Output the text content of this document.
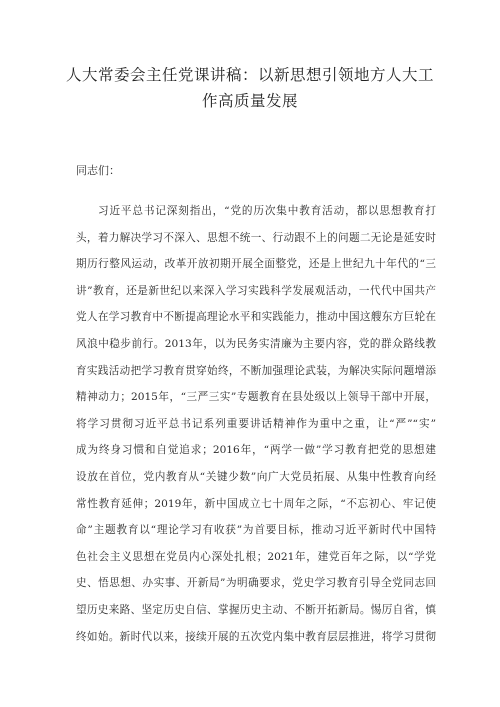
人大常委会主任党课讲稿：以新思想引领地方人大工
作高质量发展
同志们：
习近平总书记深刻指出，“党的历次集中教育活动，都以思想教育打
头，着力解决学习不深入、思想不统一、行动跟不上的问题二无论是延安时
期历行整风运动，改革开放初期开展全面整党，还是上世纪九十年代的“三
讲”教育，还是新世纪以来深入学习实践科学发展观活动，一代代中国共产
党人在学习教育中不断提高理论水平和实践能力，推动中国这艘东方巨轮在
风浪中稳步前行。2013年，以为民务实清廉为主要内容，党的群众路线教
育实践活动把学习教育贯穿始终，不断加强理论武装，为解决实际问题增添
精神动力；2015年，“三严三实”专题教育在县处级以上领导干部中开展，
将学习贯彻习近平总书记系列重要讲话精神作为重中之重，让“严”“实”
成为终身习惯和自觉追求；2016年，“两学一做”学习教育把党的思想建
设放在首位，党内教育从“关键少数”向广大党员拓展、从集中性教育向经
常性教育延伸；2019年，新中国成立七十周年之际，“不忘初心、牢记使
命”主题教育以“理论学习有收获”为首要目标，推动习近平新时代中国特
色社会主义思想在党员内心深处扎根；2021年，建党百年之际，以“学党
史、悟思想、办实事、开新局”为明确要求，党史学习教育引导全党同志回
望历史来路、坚定历史自信、掌握历史主动、不断开拓新局。惕厉自省，慎
终如始。新时代以来，接续开展的五次党内集中教育层层推进，将学习贯彻
